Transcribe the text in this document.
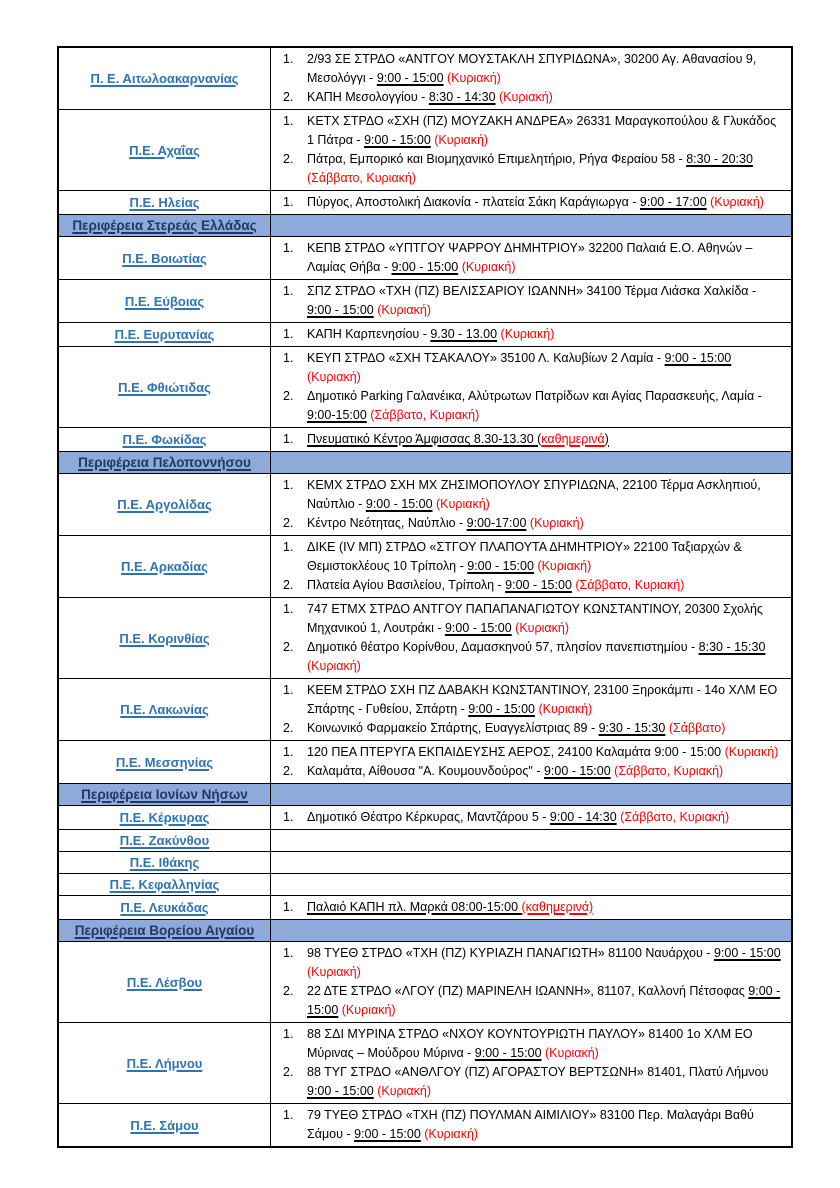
Π. Ε. Αιτωλοακαρνανίας
1.	2/93 ΣΕ ΣΤΡΔΟ «ΑΝΤΓΟΥ ΜΟΥΣΤΑΚΛΗ ΣΠΥΡΙΔΩΝΑ», 30200 Αγ. Αθανασίου 9, Μεσολόγγι - 9:00 - 15:00 (Κυριακή)
2.	ΚΑΠΗ Μεσολογγίου - 8:30 - 14:30 (Κυριακή)
Π.Ε. Αχαΐας
1.	ΚΕΤΧ ΣΤΡΔΟ «ΣΧΗ (ΠΖ) ΜΟΥΖΑΚΗ ΑΝΔΡΕΑ» 26331 Μαραγκοπούλου & Γλυκάδος 1 Πάτρα - 9:00 - 15:00 (Κυριακή)
2.	Πάτρα, Εμπορικό και Βιομηχανικό Επιμελητήριο, Ρήγα Φεραίου 58 - 8:30 - 20:30 (Σάββατο, Κυριακή)
Π.Ε. Ηλείας	1.	Πύργος, Αποστολική Διακονία - πλατεία Σάκη Καράγιωργα - 9:00 - 17:00 (Κυριακή)
Περιφέρεια Στερεάς Ελλάδας
Π.Ε. Βοιωτίας
1.	ΚΕΠΒ ΣΤΡΔΟ «ΥΠΤΓΟΥ ΨΑΡΡΟΥ ΔΗΜΗΤΡΙΟΥ» 32200 Παλαιά Ε.Ο. Αθηνών – Λαμίας Θήβα - 9:00 - 15:00 (Κυριακή)
Π.Ε. Εύβοιας
1.	ΣΠΖ ΣΤΡΔΟ «ΤΧΗ (ΠΖ) ΒΕΛΙΣΣΑΡΙΟΥ ΙΩΑΝΝΗ» 34100 Τέρμα Λιάσκα Χαλκίδα - 9:00 - 15:00 (Κυριακή)
Π.Ε. Ευρυτανίας	1.	ΚΑΠΗ Καρπενησίου - 9.30 - 13.00 (Κυριακή)
Π.Ε. Φθιώτιδας
1.	ΚΕΥΠ ΣΤΡΔΟ «ΣΧΗ ΤΣΑΚΑΛΟΥ» 35100 Λ. Καλυβίων 2 Λαμία - 9:00 - 15:00 (Κυριακή)
2.	Δημοτικό Parking Γαλανέικα, Αλύτρωτων Πατρίδων και Αγίας Παρασκευής, Λαμία - 9:00-15:00 (Σάββατο, Κυριακή)
Π.Ε. Φωκίδας	1.	Πνευματικό Κέντρο Άμφισσας 8.30-13.30 (καθημερινά)
Περιφέρεια Πελοποννήσου
Π.Ε. Αργολίδας
1.	ΚΕΜΧ ΣΤΡΔΟ ΣΧΗ ΜΧ ΖΗΣΙΜΟΠΟΥΛΟΥ ΣΠΥΡΙΔΩΝΑ, 22100 Τέρμα Ασκληπιού, Ναύπλιο - 9:00 - 15:00 (Κυριακή)
2.	Κέντρο Νεότητας, Ναύπλιο - 9:00-17:00 (Κυριακή)
Π.Ε. Αρκαδίας
1.	ΔΙΚΕ (IV ΜΠ) ΣΤΡΔΟ «ΣΤΓΟΥ ΠΛΑΠΟΥΤΑ ΔΗΜΗΤΡΙΟΥ» 22100 Ταξιαρχών & Θεμιστοκλέους 10 Τρίπολη - 9:00 - 15:00 (Κυριακή)
2.	Πλατεία Αγίου Βασιλείου, Τρίπολη - 9:00 - 15:00 (Σάββατο, Κυριακή)
Π.Ε. Κορινθίας
1.	747 ΕΤΜΧ ΣΤΡΔΟ ΑΝΤΓΟΥ ΠΑΠΑΠΑΝΑΓΙΩΤΟΥ ΚΩΝΣΤΑΝΤΙΝΟΥ, 20300 Σχολής Μηχανικού 1, Λουτράκι - 9:00 - 15:00 (Κυριακή)
2.	Δημοτικό θέατρο Κορίνθου, Δαμασκηνού 57, πλησίον πανεπιστημίου - 8:30 - 15:30 (Κυριακή)
Π.Ε. Λακωνίας
1.	ΚΕΕΜ ΣΤΡΔΟ ΣΧΗ ΠΖ ΔΑΒΑΚΗ ΚΩΝΣΤΑΝΤΙΝΟΥ, 23100 Ξηροκάμπι - 14ο ΧΛΜ ΕΟ Σπάρτης - Γυθείου, Σπάρτη - 9:00 - 15:00 (Κυριακή)
2.	Κοινωνικό Φαρμακείο Σπάρτης, Ευαγγελίστριας 89 - 9:30 - 15:30 (Σάββατο)
Π.Ε. Μεσσηνίας
1.	120 ΠΕΑ ΠΤΕΡΥΓΑ ΕΚΠΑΙΔΕΥΣΗΣ ΑΕΡΟΣ, 24100 Καλαμάτα 9:00 - 15:00 (Κυριακή)
2.	Καλαμάτα, Αίθουσα "Α. Κουμουνδούρος" - 9:00 - 15:00 (Σάββατο, Κυριακή)
Περιφέρεια Ιονίων Νήσων
Π.Ε. Κέρκυρας	1.	Δημοτικό Θέατρο Κέρκυρας, Μαντζάρου 5 - 9:00 - 14:30 (Σάββατο, Κυριακή)
Π.Ε. Ζακύνθου
Π.Ε. Ιθάκης
Π.Ε. Κεφαλληνίας
Π.Ε. Λευκάδας	1.	Παλαιό ΚΑΠΗ πλ. Μαρκά 08:00-15:00 (καθημερινά)
Περιφέρεια Βορείου Αιγαίου
Π.Ε. Λέσβου
1.	98 ΤΥΕΘ ΣΤΡΔΟ «ΤΧΗ (ΠΖ) ΚΥΡΙΑΖΗ ΠΑΝΑΓΙΩΤΗ» 81100 Ναυάρχου - 9:00 - 15:00 (Κυριακή)
2.	22 ΔΤΕ ΣΤΡΔΟ «ΛΓΟΥ (ΠΖ) ΜΑΡΙΝΕΛΗ ΙΩΑΝΝΗ», 81107, Καλλονή Πέτσοφας 9:00 - 15:00 (Κυριακή)
Π.Ε. Λήμνου
1.	88 ΣΔΙ ΜΥΡΙΝΑ ΣΤΡΔΟ «ΝΧΟΥ ΚΟΥΝΤΟΥΡΙΩΤΗ ΠΑΥΛΟΥ» 81400 1ο ΧΛΜ ΕΟ Μύρινας – Μούδρου Μύρινα - 9:00 - 15:00 (Κυριακή)
2.	88 ΤΥΓ ΣΤΡΔΟ «ΑΝΘΛΓΟΥ (ΠΖ) ΑΓΟΡΑΣΤΟΥ ΒΕΡΤΣΩΝΗ» 81401, Πλατύ Λήμνου 9:00 - 15:00 (Κυριακή)
Π.Ε. Σάμου
1.	79 ΤΥΕΘ ΣΤΡΔΟ «ΤΧΗ (ΠΖ) ΠΟΥΛΜΑΝ ΑΙΜΙΛΙΟΥ» 83100 Περ. Μαλαγάρι Βαθύ Σάμου - 9:00 - 15:00 (Κυριακή)
